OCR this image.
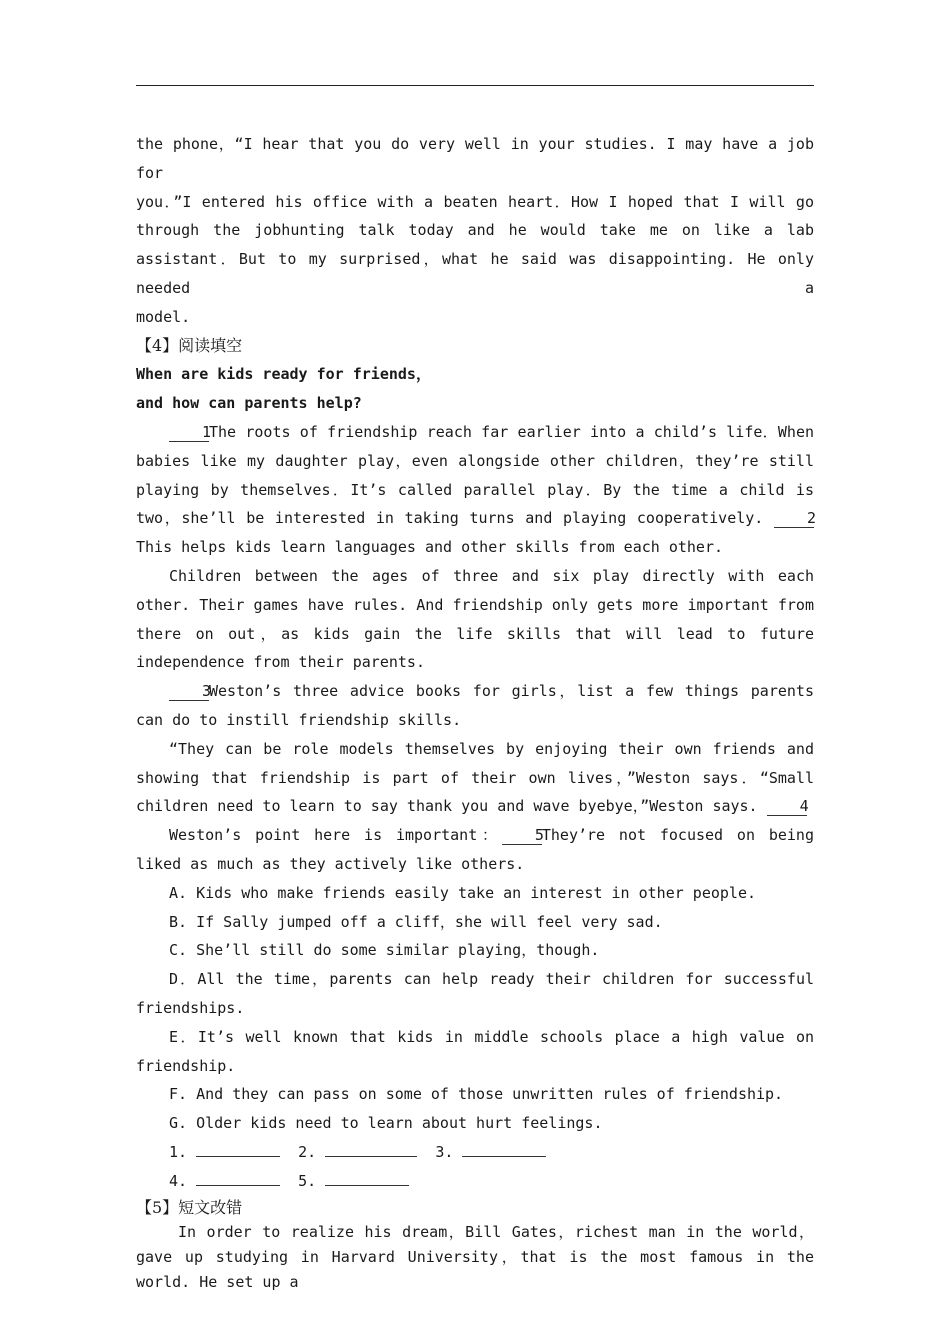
the phone，“I hear that you do very well in your studies. I may have a job for

you．”I entered his office with a beaten heart．How I hoped that I will go

through the jobhunting talk today and he would take me on like a lab

assistant．But to my surprised，what he said was disappointing. He only needed a

model.

【4】阅读填空

When are kids ready for friends，

and how can parents help?

1The roots of friendship reach far earlier into a child’s life．When babies like my daughter play，even alongside other children，they’re still playing by themselves．It’s called parallel play．By the time a child is two，she’ll be interested in taking turns and playing cooperatively.	2This helps kids learn languages and other skills from each other.

Children between the ages of three and six play directly with each other. Their games have rules. And friendship only gets more important from there on out，as kids gain the life skills that will lead to future independence from their parents.

3Weston’s three advice books for girls，list a few things parents can do to instill friendship skills.

“They can be role models themselves by enjoying their own friends and showing that friendship is part of their own lives，”Weston says．“Small children need to learn to say thank you and wave byebye，”Weston says.	4

Weston’s point here is important： 5They’re not focused on being liked as much as they actively like others.

A. Kids who make friends easily take an interest in other people.

B. If Sally jumped off a cliff，she will feel very sad.

C. She’ll still do some similar playing，though.

D．All the time，parents can help ready their children for successful friendships.

E．It’s well known that kids in middle schools place a high value on friendship.

F. And they can pass on some of those unwritten rules of friendship.

G. Older kids need to learn about hurt feelings.

1.	2.	3.

4.	5.

【5】短文改错

In order to realize his dream，Bill Gates，richest man in the world，gave up studying in Harvard University，that is the most famous in the world. He set up a
